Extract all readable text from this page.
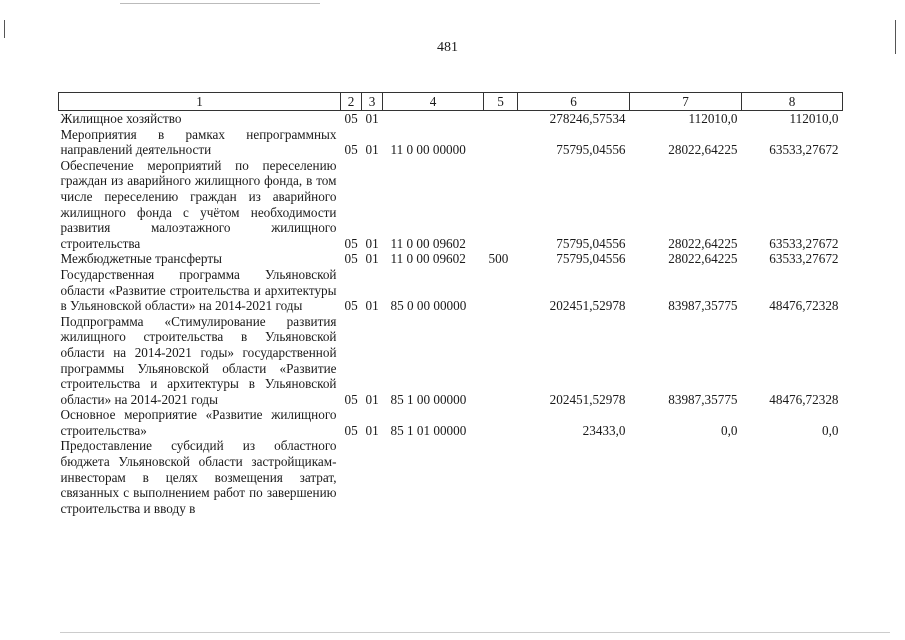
481
1	2	3	4	5	6	7	8
Жилищное хозяйство	05	01			278246,57534	112010,0	112010,0
Мероприятия в рамках непрограммных направлений деятельности	05	01	11 0 00 00000		75795,04556	28022,64225	63533,27672
Обеспечение мероприятий по переселению граждан из аварийного жилищного фонда, в том числе переселению граждан из аварийного жилищного фонда с учётом необходимости развития малоэтажного жилищного строительства	05	01	11 0 00 09602		75795,04556	28022,64225	63533,27672
Межбюджетные трансферты	05	01	11 0 00 09602	500	75795,04556	28022,64225	63533,27672
Государственная программа Ульяновской области «Развитие строительства и архитектуры в Ульяновской области» на 2014-2021 годы	05	01	85 0 00 00000		202451,52978	83987,35775	48476,72328
Подпрограмма «Стимулирование развития жилищного строительства в Ульяновской области на 2014-2021 годы» государственной программы Ульяновской области «Развитие строительства и архитектуры в Ульяновской области» на 2014-2021 годы	05	01	85 1 00 00000		202451,52978	83987,35775	48476,72328
Основное мероприятие «Развитие жилищного строительства»	05	01	85 1 01 00000		23433,0	0,0	0,0
Предоставление субсидий из областного бюджета Ульяновской области застройщикам-инвесторам в целях возмещения затрат, связанных с выполнением работ по завершению строительства и вводу в							
